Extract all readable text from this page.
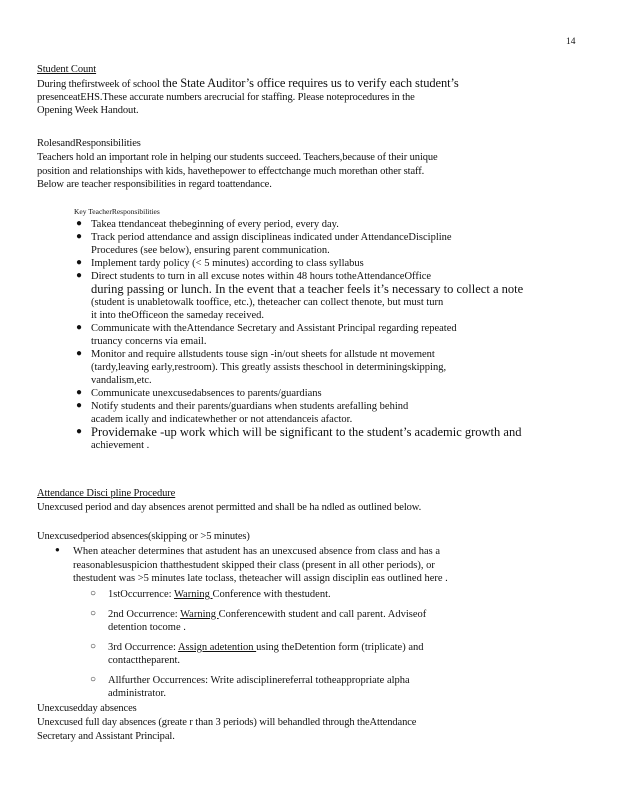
14
Student Count
During thefirstweek of school the State Auditor’s office requires us to verify each student’s
presenceatEHS.These accurate numbers arecrucial for staffing. Please noteprocedures in the
Opening Week Handout.
RolesandResponsibilities
Teachers hold an important role in helping our students succeed. Teachers,because of their unique
position and relationships with kids, havethepower to effectchange much morethan other staff.
Below are teacher responsibilities in regard toattendance.
Key TeacherResponsibilities
● Takea ttendanceat thebeginning of every period, every day.
● Track period attendance and assign disciplineas indicated under AttendanceDiscipline
Procedures (see below), ensuring parent communication.
● Implement tardy policy (< 5 minutes) according to class syllabus
● Direct students to turn in all excuse notes within 48 hours totheAttendanceOffice
during passing or lunch. In the event that a teacher feels it’s necessary to collect a note
(student is unabletowalk tooffice, etc.), theteacher can collect thenote, but must turn
it into theOfficeon the sameday received.
● Communicate with theAttendance Secretary and Assistant Principal regarding repeated
truancy concerns via email.
● Monitor and require allstudents touse sign -in/out sheets for allstude nt movement
(tardy,leaving early,restroom). This greatly assists theschool in determiningskipping,
vandalism,etc.
● Communicate unexcusedabsences to parents/guardians
● Notify students and their parents/guardians when students arefalling behind
academ ically and indicatewhether or not attendanceis afactor.
● Providemake -up work which will be significant to the student’s academic growth and
achievement .
Attendance Disci pline Procedure
Unexcused period and day absences arenot permitted and shall be ha ndled as outlined below.
Unexcusedperiod absences(skipping or >5 minutes)
●	When ateacher determines that astudent has an unexcused absence from class and has a
reasonablesuspicion thatthestudent skipped their class (present in all other periods), or
thestudent was >5 minutes late toclass, theteacher will assign disciplin eas outlined here .
○ 1stOccurrence: Warning Conference with thestudent.
○ 2nd Occurrence: Warning Conferencewith student and call parent. Adviseof
detention tocome .
○ 3rd Occurrence: Assign adetention using theDetention form (triplicate) and
contacttheparent.
○ Allfurther Occurrences: Write adisciplinereferral totheappropriate alpha
administrator.
Unexcusedday absences
Unexcused full day absences (greate r than 3 periods) will behandled through theAttendance
Secretary and Assistant Principal.
